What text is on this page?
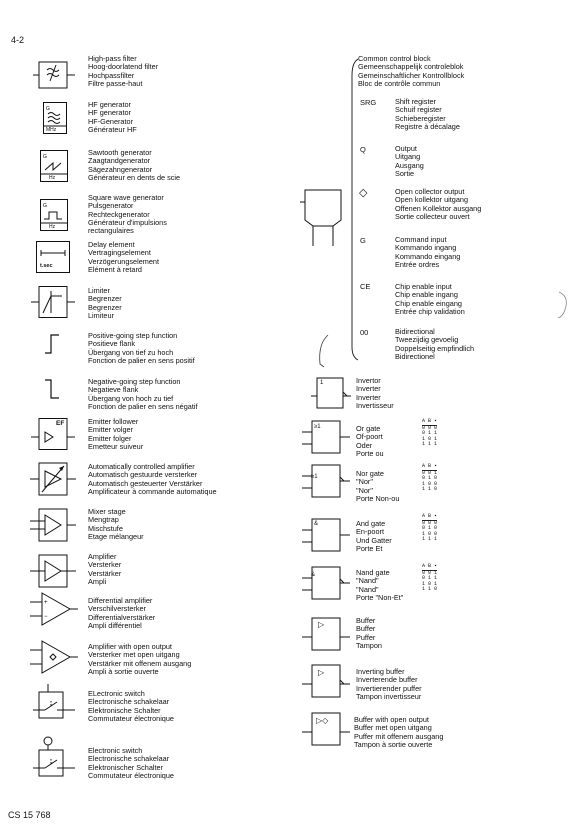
4-2
High-pass filter
Hoog-doorlatend filter
Hochpassfilter
Filtre passe-haut
G
MHz
HF generator
HF generator
HF-Generator
Générateur HF
G
Hz
Sawtooth generator
Zaagtandgenerator
Sägezahngenerator
Générateur en dents de scie
G
Hz
Square wave generator
Pulsgenerator
Rechteckgenerator
Générateur d'impulsions
rectangulaires
t.sec
Delay element
Vertragingselement
Verzögerungselement
Elément à retard
Limiter
Begrenzer
Begrenzer
Limiteur
Positive-going step function
Positieve flank
Übergang von tief zu hoch
Fonction de palier en sens positif
Negative-going step function
Negatieve flank
Übergang von hoch zu tief
Fonction de palier en sens négatif
EF	Emitter follower
Emitter volger
Emitter folger
Emetteur suiveur
Automatically controlled amplifier
Automatisch gestuurde versterker
Automatisch gesteuerter Verstärker
Amplificateur à commande automatique
Mixer stage
Mengtrap
Mischstufe
Etage mélangeur
Amplifier
Versterker
Verstärker
Ampli
+
−
Differential amplifier
Verschilversterker
Differentialverstärker
Ampli différentiel
Amplifier with open output
Versterker met open uitgang
Verstärker mit offenem ausgang
Ampli à sortie ouverte
ELectronic switch
Electronische schakelaar
Elektronische Schalter
Commutateur électronique
Electronic switch
Electronische schakelaar
Elektronischer Schalter
Commutateur électronique
CS 15 768
Common control block
Gemeenschappelijk controleblok
Gemeinschaftlicher Kontrollblock
Bloc de contrôle commun
SRG	Shift register
Schuif register
Schieberegister
Registre à décalage
Q	Output
Uitgang
Ausgang
Sortie
◇	Open collector output
Open kollektor uitgang
Offenen Kollektor ausgang
Sortie collecteur ouvert
G	Command input
Kommando ingang
Kommando eingang
Entrée ordres
CE	Chip enable input
Chip enable ingang
Chip enable eingang
Entrée chip validation
00	Bidirectional
Tweezijdig gevoelig
Doppelseitig empfindlich
Bidirectionel
1	Invertor
Inverter
Inverter
Invertisseur
≥1	Or gate
Of-poort
Oder
Porte ou
A B ▪
0 0 0
0 1 1
1 0 1
1 1 1
≥1	Nor gate
"Nor"
"Nor"
Porte Non-ou
A B ▪
0 0 1
0 1 0
1 0 0
1 1 0
&	And gate
En-poort
Und Gatter
Porte Et
A B ▪
0 0 0
0 1 0
1 0 0
1 1 1
&	Nand gate
"Nand"
"Nand"
Porte "Non-Et"
A B ▪
0 0 1
0 1 1
1 0 1
1 1 0
▷	Buffer
Buffer
Puffer
Tampon
▷	Inverting buffer
Inverterende buffer
Invertierender puffer
Tampon invertisseur
▷◇	Buffer with open output
Buffer met open uitgang
Puffer mit offenem ausgang
Tampon à sortie ouverte
